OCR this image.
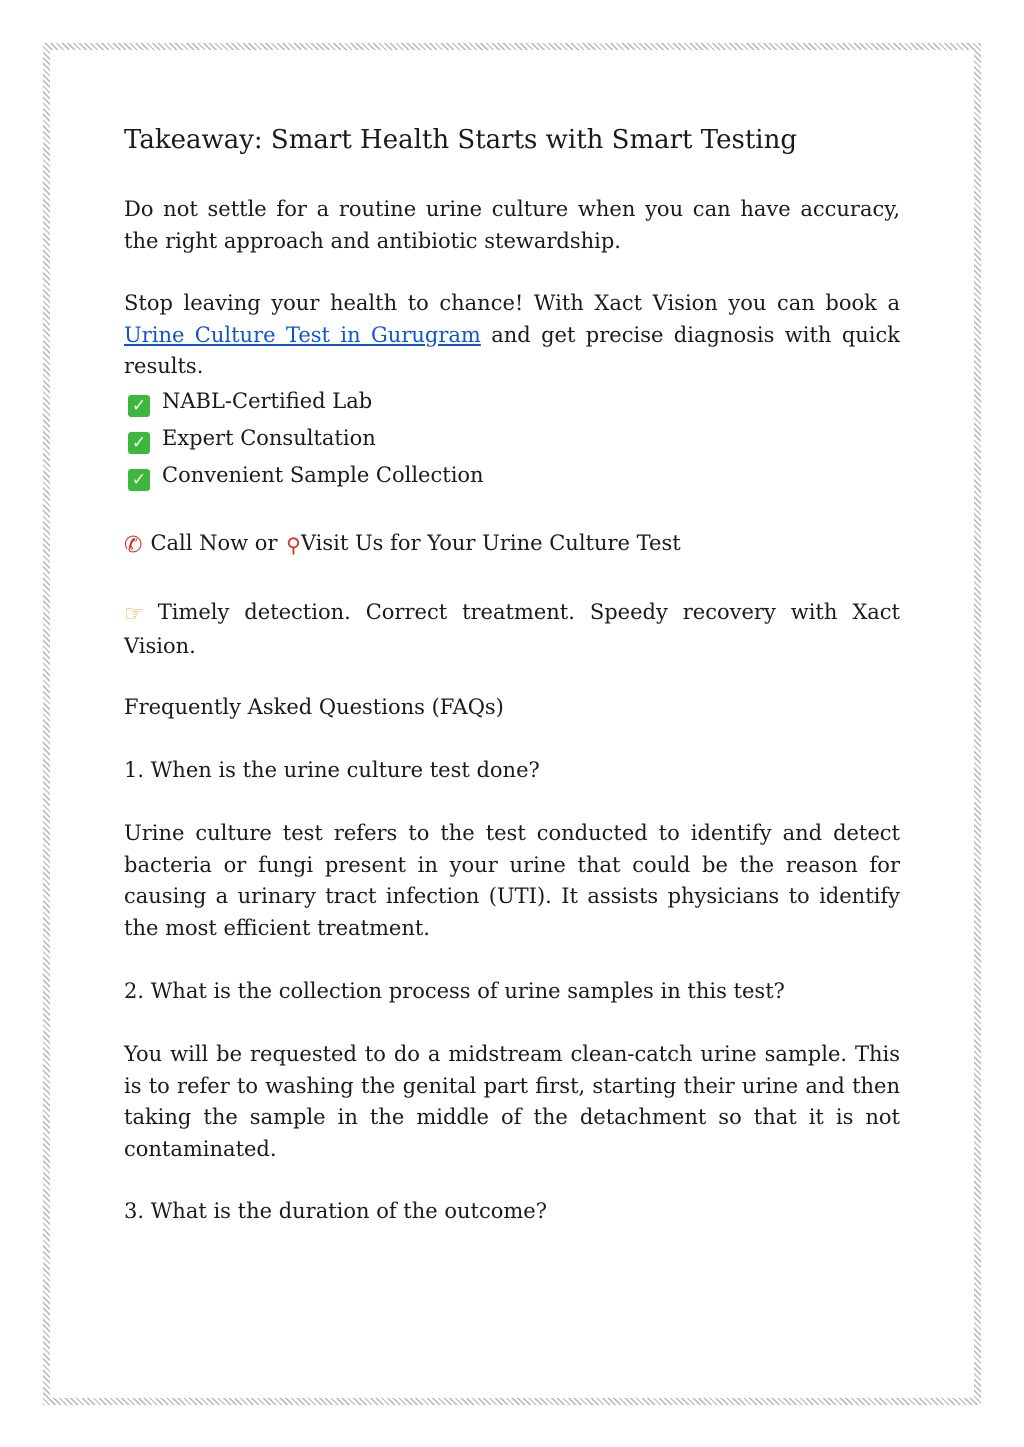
Takeaway: Smart Health Starts with Smart Testing

Do not settle for a routine urine culture when you can have accuracy, the right approach and antibiotic stewardship.

Stop leaving your health to chance! With Xact Vision you can book a Urine Culture Test in Gurugram and get precise diagnosis with quick results.

✓ NABL-Certified Lab
✓ Expert Consultation
✓ Convenient Sample Collection
✆ Call Now or ⚲Visit Us for Your Urine Culture Test

☞ Timely detection. Correct treatment. Speedy recovery with Xact Vision.

Frequently Asked Questions (FAQs)

1. When is the urine culture test done?

Urine culture test refers to the test conducted to identify and detect bacteria or fungi present in your urine that could be the reason for causing a urinary tract infection (UTI). It assists physicians to identify the most efficient treatment.

2. What is the collection process of urine samples in this test?

You will be requested to do a midstream clean-catch urine sample. This is to refer to washing the genital part first, starting their urine and then taking the sample in the middle of the detachment so that it is not contaminated.

3. What is the duration of the outcome?
